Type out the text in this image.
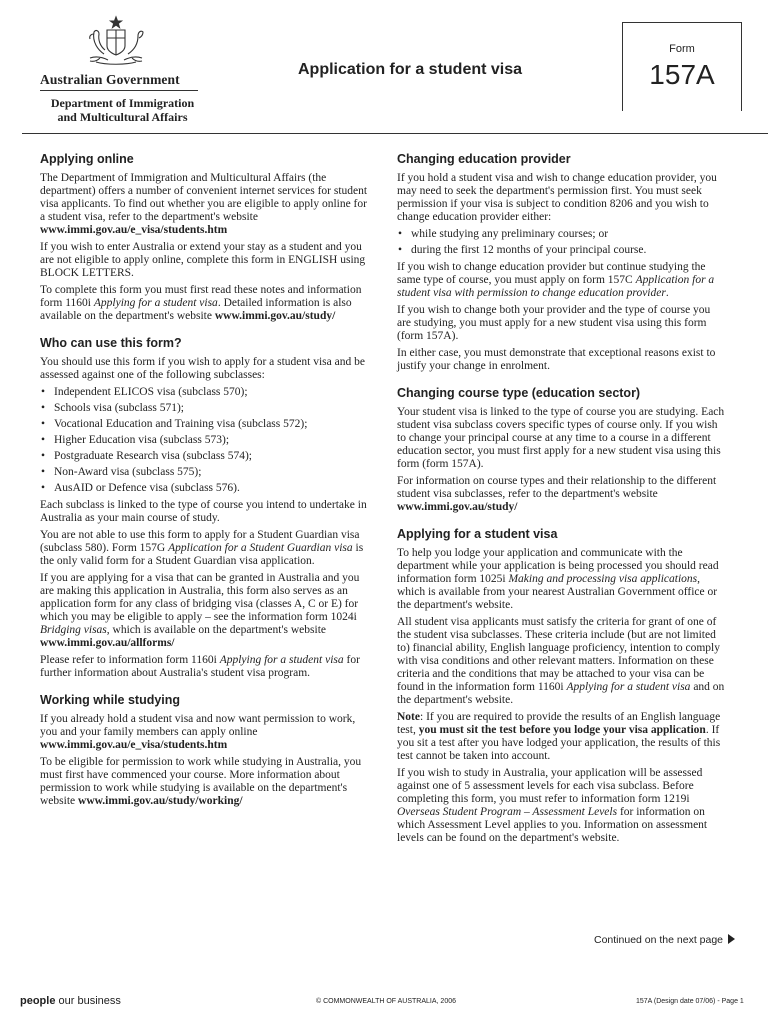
Australian Government
Department of Immigration
and Multicultural Affairs
Application for a student visa
Form
157A
Applying online

The Department of Immigration and Multicultural Affairs (the department) offers a number of convenient internet services for student visa applicants. To find out whether you are eligible to apply online for a student visa, refer to the department's website www.immi.gov.au/e_visa/students.htm

If you wish to enter Australia or extend your stay as a student and you are not eligible to apply online, complete this form in ENGLISH using BLOCK LETTERS.

To complete this form you must first read these notes and information form 1160i Applying for a student visa. Detailed information is also available on the department's website www.immi.gov.au/study/

Who can use this form?

You should use this form if you wish to apply for a student visa and be assessed against one of the following subclasses:

• Independent ELICOS visa (subclass 570);
• Schools visa (subclass 571);
• Vocational Education and Training visa (subclass 572);
• Higher Education visa (subclass 573);
• Postgraduate Research visa (subclass 574);
• Non-Award visa (subclass 575);
• AusAID or Defence visa (subclass 576).

Each subclass is linked to the type of course you intend to undertake in Australia as your main course of study.

You are not able to use this form to apply for a Student Guardian visa (subclass 580). Form 157G Application for a Student Guardian visa is the only valid form for a Student Guardian visa application.

If you are applying for a visa that can be granted in Australia and you are making this application in Australia, this form also serves as an application form for any class of bridging visa (classes A, C or E) for which you may be eligible to apply – see the information form 1024i Bridging visas, which is available on the department's website www.immi.gov.au/allforms/

Please refer to information form 1160i Applying for a student visa for further information about Australia's student visa program.

Working while studying

If you already hold a student visa and now want permission to work, you and your family members can apply online www.immi.gov.au/e_visa/students.htm

To be eligible for permission to work while studying in Australia, you must first have commenced your course. More information about permission to work while studying is available on the department's website www.immi.gov.au/study/working/

Changing education provider

If you hold a student visa and wish to change education provider, you may need to seek the department's permission first. You must seek permission if your visa is subject to condition 8206 and you wish to change education provider either:

• while studying any preliminary courses; or
• during the first 12 months of your principal course.

If you wish to change education provider but continue studying the same type of course, you must apply on form 157C Application for a student visa with permission to change education provider.

If you wish to change both your provider and the type of course you are studying, you must apply for a new student visa using this form (form 157A).

In either case, you must demonstrate that exceptional reasons exist to justify your change in enrolment.

Changing course type (education sector)

Your student visa is linked to the type of course you are studying. Each student visa subclass covers specific types of course only. If you wish to change your principal course at any time to a course in a different education sector, you must first apply for a new student visa using this form (form 157A).

For information on course types and their relationship to the different student visa subclasses, refer to the department's website www.immi.gov.au/study/

Applying for a student visa

To help you lodge your application and communicate with the department while your application is being processed you should read information form 1025i Making and processing visa applications, which is available from your nearest Australian Government office or the department's website.

All student visa applicants must satisfy the criteria for grant of one of the student visa subclasses. These criteria include (but are not limited to) financial ability, English language proficiency, intention to comply with visa conditions and other relevant matters. Information on these criteria and the conditions that may be attached to your visa can be found in the information form 1160i Applying for a student visa and on the department's website.

Note: If you are required to provide the results of an English language test, you must sit the test before you lodge your visa application. If you sit a test after you have lodged your application, the results of this test cannot be taken into account.

If you wish to study in Australia, your application will be assessed against one of 5 assessment levels for each visa subclass. Before completing this form, you must refer to information form 1219i Overseas Student Program – Assessment Levels for information on which Assessment Level applies to you. Information on assessment levels can be found on the department's website.

Continued on the next page
people our business	© COMMONWEALTH OF AUSTRALIA, 2006	157A (Design date 07/06) - Page 1
